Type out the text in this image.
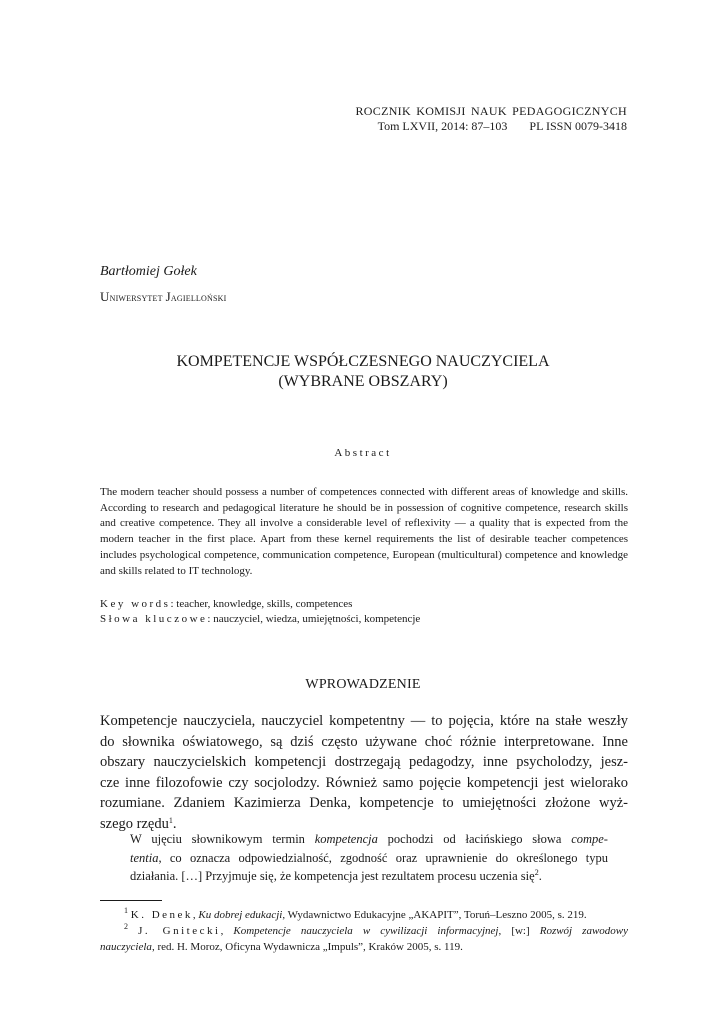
ROCZNIK KOMISJI NAUK PEDAGOGICZNYCH
Tom LXVII, 2014: 87–103 PL ISSN 0079-3418
Bartłomiej Gołek
Uniwersytet Jagielloński
KOMPETENCJE WSPÓŁCZESNEGO NAUCZYCIELA
(WYBRANE OBSZARY)
Abstract
The modern teacher should possess a number of competences connected with different areas of knowledge and skills. According to research and pedagogical literature he should be in possession of cognitive competence, research skills and creative competence. They all involve a considerable level of reflexivity — a quality that is expected from the modern teacher in the first place. Apart from these kernel requirements the list of desirable teacher competences includes psychological competence, communication competence, European (multicultural) competence and knowledge and skills related to IT technology.
Key words: teacher, knowledge, skills, competences
Słowa kluczowe: nauczyciel, wiedza, umiejętności, kompetencje
WPROWADZENIE
Kompetencje nauczyciela, nauczyciel kompetentny — to pojęcia, które na stałe weszły
do słownika oświatowego, są dziś często używane choć różnie interpretowane. Inne
obszary nauczycielskich kompetencji dostrzegają pedagodzy, inne psycholodzy, jesz-
cze inne filozofowie czy socjolodzy. Również samo pojęcie kompetencji jest wielorako
rozumiane. Zdaniem Kazimierza Denka, kompetencje to umiejętności złożone wyż-
szego rzędu$^1$.
W ujęciu słownikowym termin kompetencja pochodzi od łacińskiego słowa compe-
tentia, co oznacza odpowiedzialność, zgodność oraz uprawnienie do określonego typu
działania. […] Przyjmuje się, że kompetencja jest rezultatem procesu uczenia się$^2$.
$^1$ K. Denek, Ku dobrej edukacji, Wydawnictwo Edukacyjne „AKAPIT”, Toruń–Leszno 2005, s. 219.
$^2$ J. Gnitecki, Kompetencje nauczyciela w cywilizacji informacyjnej, [w:] Rozwój zawodowy
nauczyciela, red. H. Moroz, Oficyna Wydawnicza „Impuls”, Kraków 2005, s. 119.
